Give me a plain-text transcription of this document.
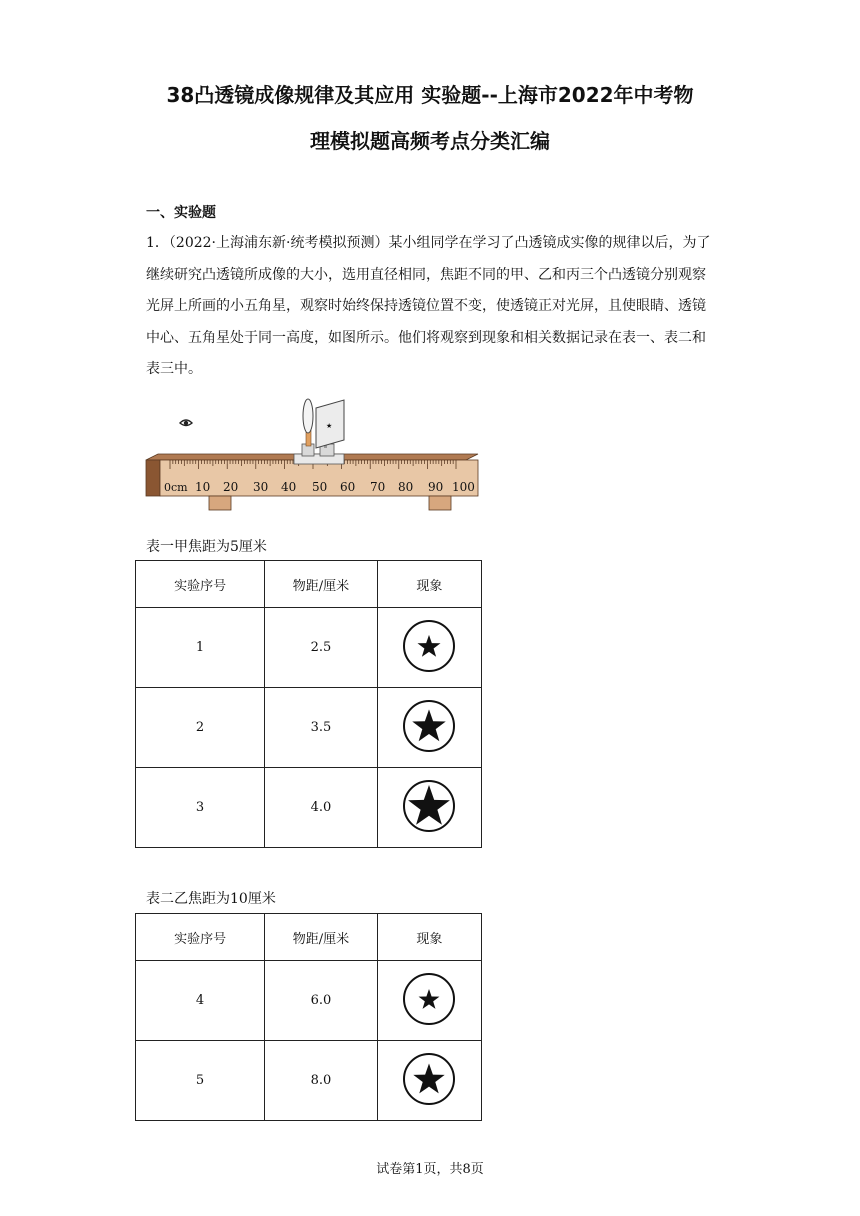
38凸透镜成像规律及其应用 实验题--上海市2022年中考物
理模拟题高频考点分类汇编
一、实验题

1．（2022·上海浦东新·统考模拟预测）某小组同学在学习了凸透镜成实像的规律以后，为了继续研究凸透镜所成像的大小，选用直径相同，焦距不同的甲、乙和丙三个凸透镜分别观察光屏上所画的小五角星，观察时始终保持透镜位置不变，使透镜正对光屏，且使眼睛、透镜中心、五角星处于同一高度，如图所示。他们将观察到现象和相关数据记录在表一、表二和表三中。

0cm 10 20 30 40 50 60 70 80 90 100
★
表一甲焦距为5厘米
实验序号	物距/厘米	现象
1	2.5	
2	3.5	
3	4.0	
表二乙焦距为10厘米
实验序号	物距/厘米	现象
4	6.0	
5	8.0	
试卷第1页，共8页
